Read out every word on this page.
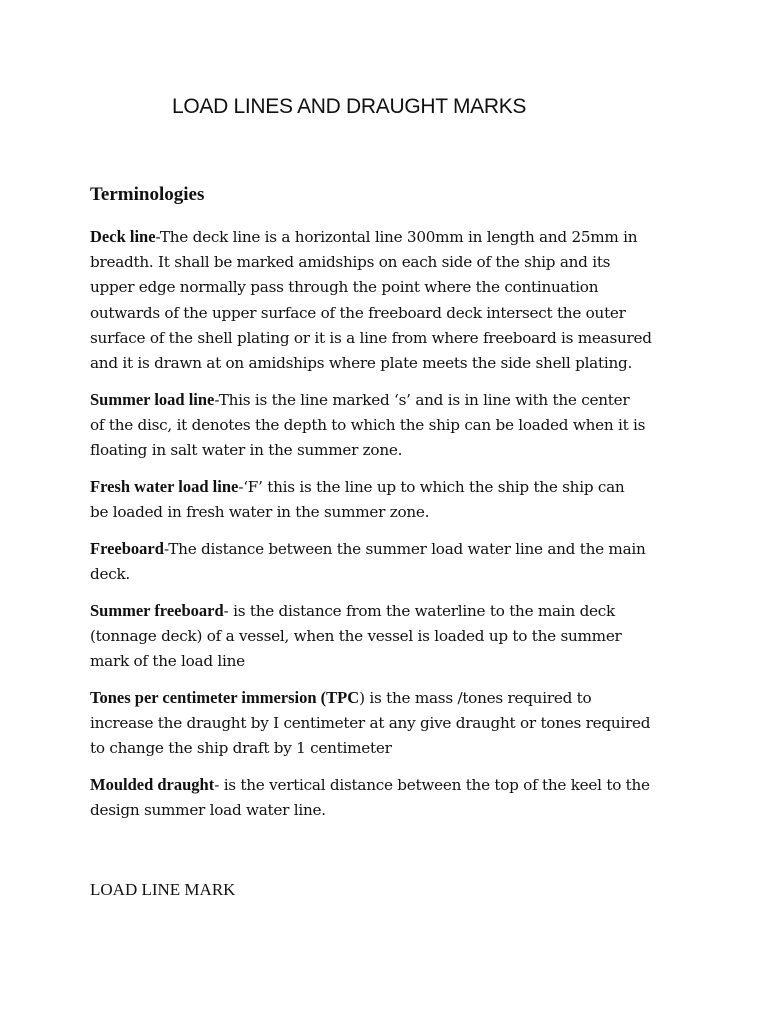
LOAD LINES AND DRAUGHT MARKS
Terminologies

Deck line-The deck line is a horizontal line 300mm in length and 25mm in
breadth. It shall be marked amidships on each side of the ship and its
upper edge normally pass through the point where the continuation
outwards of the upper surface of the freeboard deck intersect the outer
surface of the shell plating or it is a line from where freeboard is measured
and it is drawn at on amidships where plate meets the side shell plating.

Summer load line-This is the line marked ‘s’ and is in line with the center
of the disc, it denotes the depth to which the ship can be loaded when it is
floating in salt water in the summer zone.

Fresh water load line-‘F’ this is the line up to which the ship the ship can
be loaded in fresh water in the summer zone.

Freeboard-The distance between the summer load water line and the main
deck.

Summer freeboard- is the distance from the waterline to the main deck
(tonnage deck) of a vessel, when the vessel is loaded up to the summer
mark of the load line

Tones per centimeter immersion (TPC) is the mass /tones required to
increase the draught by I centimeter at any give draught or tones required
to change the ship draft by 1 centimeter

Moulded draught- is the vertical distance between the top of the keel to the
design summer load water line.

LOAD LINE MARK
